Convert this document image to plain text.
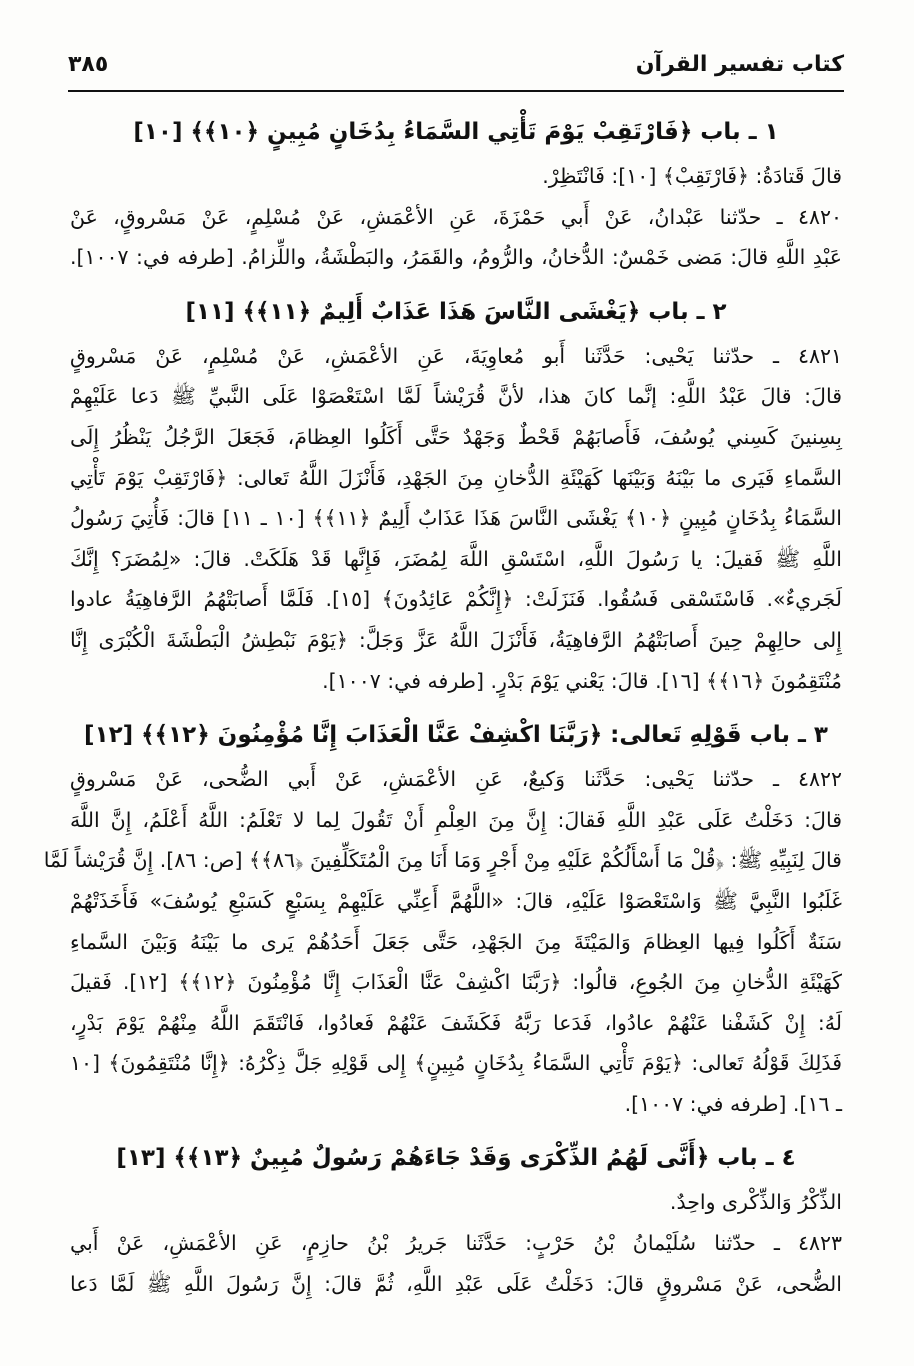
كتاب تفسير القرآن
٣٨٥
١ ـ باب ﴿فَارْتَقِبْ يَوْمَ تَأْتِي السَّمَاءُ بِدُخَانٍ مُبِينٍ ﴿١٠﴾﴾ [١٠]
قالَ قَتادَةُ: ﴿فَارْتَقِبْ﴾ [١٠]: فَانْتَظِرْ.
٤٨٢٠ ـ حدّثنا عَبْدانُ، عَنْ أَبي حَمْزَةَ، عَنِ الأعْمَشِ، عَنْ مُسْلِمٍ، عَنْ مَسْروقٍ، عَنْ
عَبْدِ اللَّهِ قالَ: مَضى خَمْسٌ: الدُّخانُ، والرُّومُ، والقَمَرُ، والبَطْشَةُ، واللِّزامُ. [طرفه في: ١٠٠٧].
٢ ـ باب ﴿يَغْشَى النَّاسَ هَذَا عَذَابٌ أَلِيمٌ ﴿١١﴾﴾ [١١]
٤٨٢١ ـ حدّثنا يَحْيى: حَدَّثَنا أَبو مُعاوِيَةَ، عَنِ الأعْمَشِ، عَنْ مُسْلِمٍ، عَنْ مَسْروقٍ
قالَ: قالَ عَبْدُ اللَّهِ: إنَّما كانَ هذا، لأنَّ قُرَيْشاً لَمَّا اسْتَعْصَوْا عَلَى النَّبيِّ ﷺ دَعا عَلَيْهِمْ
بِسِنينَ كَسِني يُوسُفَ، فَأَصابَهُمْ قَحْطٌ وَجَهْدٌ حَتَّى أَكَلُوا العِظامَ، فَجَعَلَ الرَّجُلُ يَنْظُرُ إِلَى
السَّماءِ فَيَرى ما بَيْنَهُ وَبَيْنَها كَهَيْئَةِ الدُّخانِ مِنَ الجَهْدِ، فَأَنْزَلَ اللَّهُ تَعالى: ﴿فَارْتَقِبْ يَوْمَ تَأْتِي
السَّمَاءُ بِدُخَانٍ مُبِينٍ ﴿١٠﴾ يَغْشَى النَّاسَ هَذَا عَذَابٌ أَلِيمٌ ﴿١١﴾﴾ [١٠ ـ ١١] قالَ: فَأُتِيَ رَسُولُ
اللَّهِ ﷺ فَقيلَ: يا رَسُولَ اللَّهِ، اسْتَسْقِ اللَّهَ لِمُضَرَ، فَإِنَّها قَدْ هَلَكَتْ. قالَ: «لِمُضَرَ؟ إِنَّكَ
لَجَريءٌ». فَاسْتَسْقى فَسُقُوا. فَنَزَلَتْ: ﴿إِنَّكُمْ عَائِدُونَ﴾ [١٥]. فَلَمَّا أَصابَتْهُمُ الرَّفاهِيَةُ عادوا
إِلى حالِهِمْ حِينَ أَصابَتْهُمُ الرَّفاهِيَةُ، فَأَنْزَلَ اللَّهُ عَزَّ وَجَلَّ: ﴿يَوْمَ نَبْطِشُ الْبَطْشَةَ الْكُبْرَى إِنَّا
مُنْتَقِمُونَ ﴿١٦﴾﴾ [١٦]. قالَ: يَعْني يَوْمَ بَدْرٍ. [طرفه في: ١٠٠٧].
٣ ـ باب قَوْلِهِ تَعالى: ﴿رَبَّنَا اكْشِفْ عَنَّا الْعَذَابَ إِنَّا مُؤْمِنُونَ ﴿١٢﴾﴾ [١٢]
٤٨٢٢ ـ حدّثنا يَحْيى: حَدَّثَنا وَكيعٌ، عَنِ الأعْمَشِ، عَنْ أَبي الضُّحى، عَنْ مَسْروقٍ
قالَ: دَخَلْتُ عَلَى عَبْدِ اللَّهِ فَقالَ: إِنَّ مِنَ العِلْمِ أَنْ تَقُولَ لِما لا تَعْلَمُ: اللَّهُ أَعْلَمُ، إِنَّ اللَّهَ
قالَ لِنَبِيِّهِ ﷺ: ﴿قُلْ مَا أَسْأَلُكُمْ عَلَيْهِ مِنْ أَجْرٍ وَمَا أَنَا مِنَ الْمُتَكَلِّفِينَ ﴿٨٦﴾﴾ [ص: ٨٦]. إِنَّ قُرَيْشاً لَمَّا
غَلَبُوا النَّبِيَّ ﷺ وَاسْتَعْصَوْا عَلَيْهِ، قالَ: «اللَّهُمَّ أَعِنِّي عَلَيْهِمْ بِسَبْعٍ كَسَبْعِ يُوسُفَ» فَأَخَذَتْهُمْ
سَنَةٌ أَكَلُوا فِيها العِظامَ وَالمَيْتَةَ مِنَ الجَهْدِ، حَتَّى جَعَلَ أَحَدُهُمْ يَرى ما بَيْنَهُ وَبَيْنَ السَّماءِ
كَهَيْئَةِ الدُّخانِ مِنَ الجُوعِ، قالُوا: ﴿رَبَّنَا اكْشِفْ عَنَّا الْعَذَابَ إِنَّا مُؤْمِنُونَ ﴿١٢﴾﴾ [١٢]. فَقيلَ
لَهُ: إِنْ كَشَفْنا عَنْهُمْ عادُوا، فَدَعا رَبَّهُ فَكَشَفَ عَنْهُمْ فَعادُوا، فَانْتَقَمَ اللَّهُ مِنْهُمْ يَوْمَ بَدْرٍ،
فَذَلِكَ قَوْلُهُ تَعالى: ﴿يَوْمَ تَأْتِي السَّمَاءُ بِدُخَانٍ مُبِينٍ﴾ إِلى قَوْلِهِ جَلَّ ذِكْرُهُ: ﴿إِنَّا مُنْتَقِمُونَ﴾ [١٠
ـ ١٦]. [طرفه في: ١٠٠٧].
٤ ـ باب ﴿أَنَّى لَهُمُ الذِّكْرَى وَقَدْ جَاءَهُمْ رَسُولٌ مُبِينٌ ﴿١٣﴾﴾ [١٣]
الذِّكْرُ وَالذِّكْرى واحِدٌ.
٤٨٢٣ ـ حدّثنا سُلَيْمانُ بْنُ حَرْبٍ: حَدَّثَنا جَريرُ بْنُ حازِمٍ، عَنِ الأعْمَشِ، عَنْ أَبي
الضُّحى، عَنْ مَسْروقٍ قالَ: دَخَلْتُ عَلَى عَبْدِ اللَّهِ، ثُمَّ قالَ: إِنَّ رَسُولَ اللَّهِ ﷺ لَمَّا دَعا
